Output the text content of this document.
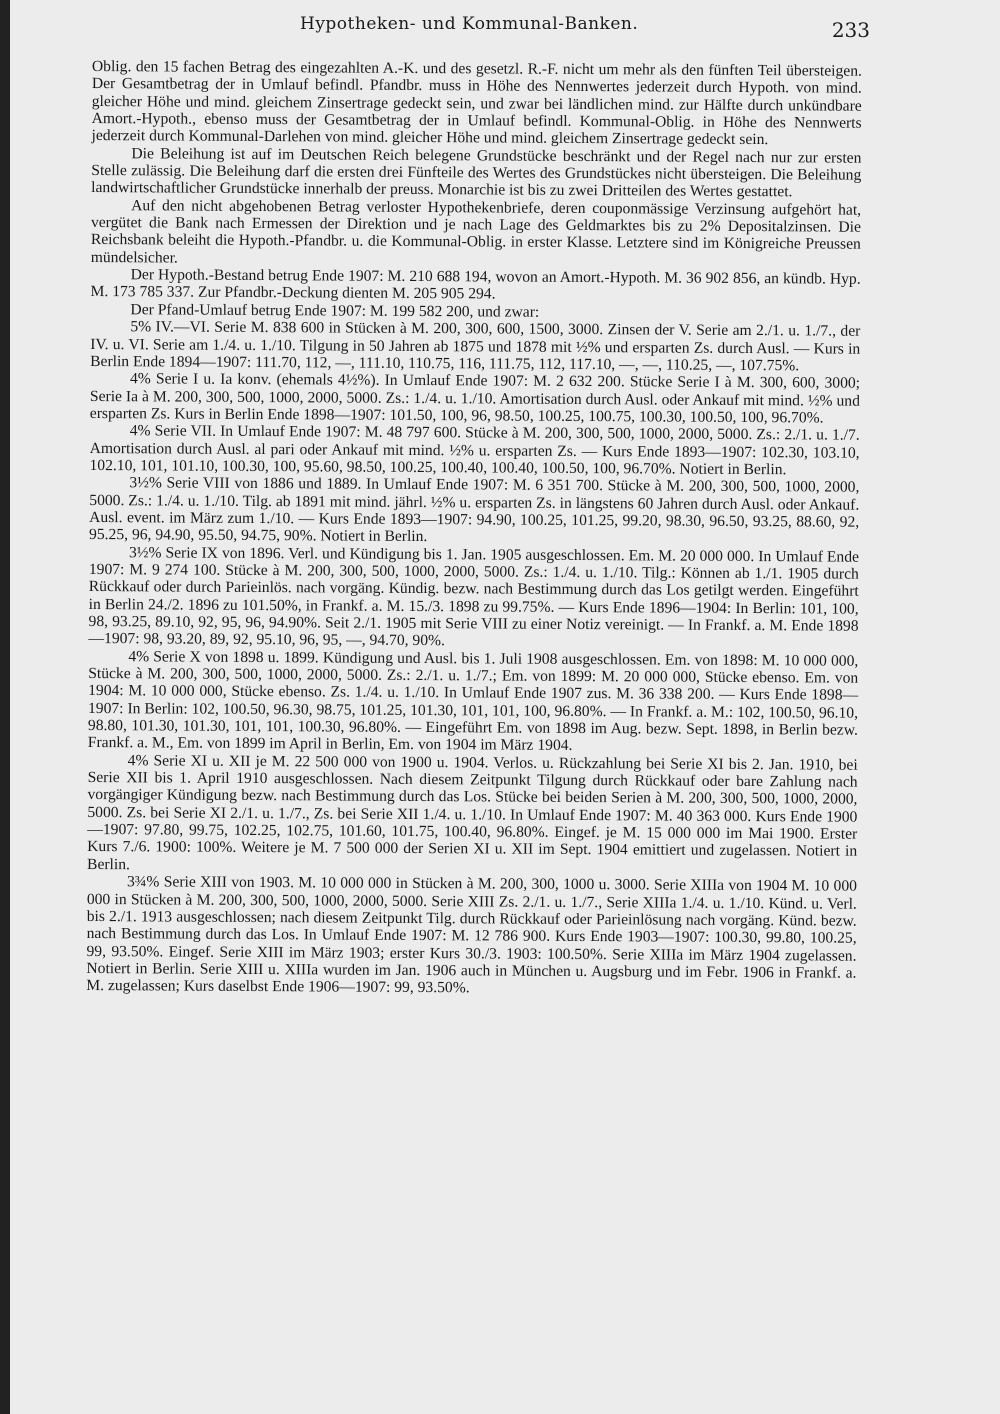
Hypotheken- und Kommunal-Banken.	233

Oblig. den 15 fachen Betrag des eingezahlten A.-K. und des gesetzl. R.-F. nicht um mehr als den fünften Teil übersteigen. Der Gesamtbetrag der in Umlauf befindl. Pfandbr. muss in Höhe des Nennwertes jederzeit durch Hypoth. von mind. gleicher Höhe und mind. gleichem Zinsertrage gedeckt sein, und zwar bei ländlichen mind. zur Hälfte durch unkündbare Amort.-Hypoth., ebenso muss der Gesamtbetrag der in Umlauf befindl. Kommunal-Oblig. in Höhe des Nennwerts jederzeit durch Kommunal-Darlehen von mind. gleicher Höhe und mind. gleichem Zinsertrage gedeckt sein.

Die Beleihung ist auf im Deutschen Reich belegene Grundstücke beschränkt und der Regel nach nur zur ersten Stelle zulässig. Die Beleihung darf die ersten drei Fünfteile des Wertes des Grundstückes nicht übersteigen. Die Beleihung landwirtschaftlicher Grundstücke innerhalb der preuss. Monarchie ist bis zu zwei Dritteilen des Wertes gestattet.

Auf den nicht abgehobenen Betrag verloster Hypothekenbriefe, deren couponmässige Verzinsung aufgehört hat, vergütet die Bank nach Ermessen der Direktion und je nach Lage des Geldmarktes bis zu 2% Depositalzinsen. Die Reichsbank beleiht die Hypoth.-Pfandbr. u. die Kommunal-Oblig. in erster Klasse. Letztere sind im Königreiche Preussen mündelsicher.

Der Hypoth.-Bestand betrug Ende 1907: M. 210 688 194, wovon an Amort.-Hypoth. M. 36 902 856, an kündb. Hyp. M. 173 785 337. Zur Pfandbr.-Deckung dienten M. 205 905 294.

Der Pfand-Umlauf betrug Ende 1907: M. 199 582 200, und zwar:

5% IV.—VI. Serie M. 838 600 in Stücken à M. 200, 300, 600, 1500, 3000. Zinsen der V. Serie am 2./1. u. 1./7., der IV. u. VI. Serie am 1./4. u. 1./10. Tilgung in 50 Jahren ab 1875 und 1878 mit ½% und ersparten Zs. durch Ausl. — Kurs in Berlin Ende 1894—1907: 111.70, 112, —, 111.10, 110.75, 116, 111.75, 112, 117.10, —, —, 110.25, —, 107.75%.

4% Serie I u. Ia konv. (ehemals 4½%). In Umlauf Ende 1907: M. 2 632 200. Stücke Serie I à M. 300, 600, 3000; Serie Ia à M. 200, 300, 500, 1000, 2000, 5000. Zs.: 1./4. u. 1./10. Amortisation durch Ausl. oder Ankauf mit mind. ½% und ersparten Zs. Kurs in Berlin Ende 1898—1907: 101.50, 100, 96, 98.50, 100.25, 100.75, 100.30, 100.50, 100, 96.70%.

4% Serie VII. In Umlauf Ende 1907: M. 48 797 600. Stücke à M. 200, 300, 500, 1000, 2000, 5000. Zs.: 2./1. u. 1./7. Amortisation durch Ausl. al pari oder Ankauf mit mind. ½% u. ersparten Zs. — Kurs Ende 1893—1907: 102.30, 103.10, 102.10, 101, 101.10, 100.30, 100, 95.60, 98.50, 100.25, 100.40, 100.40, 100.50, 100, 96.70%. Notiert in Berlin.

3½% Serie VIII von 1886 und 1889. In Umlauf Ende 1907: M. 6 351 700. Stücke à M. 200, 300, 500, 1000, 2000, 5000. Zs.: 1./4. u. 1./10. Tilg. ab 1891 mit mind. jährl. ½% u. ersparten Zs. in längstens 60 Jahren durch Ausl. oder Ankauf. Ausl. event. im März zum 1./10. — Kurs Ende 1893—1907: 94.90, 100.25, 101.25, 99.20, 98.30, 96.50, 93.25, 88.60, 92, 95.25, 96, 94.90, 95.50, 94.75, 90%. Notiert in Berlin.

3½% Serie IX von 1896. Verl. und Kündigung bis 1. Jan. 1905 ausgeschlossen. Em. M. 20 000 000. In Umlauf Ende 1907: M. 9 274 100. Stücke à M. 200, 300, 500, 1000, 2000, 5000. Zs.: 1./4. u. 1./10. Tilg.: Können ab 1./1. 1905 durch Rückkauf oder durch Parieinlös. nach vorgäng. Kündig. bezw. nach Bestimmung durch das Los getilgt werden. Eingeführt in Berlin 24./2. 1896 zu 101.50%, in Frankf. a. M. 15./3. 1898 zu 99.75%. — Kurs Ende 1896—1904: In Berlin: 101, 100, 98, 93.25, 89.10, 92, 95, 96, 94.90%. Seit 2./1. 1905 mit Serie VIII zu einer Notiz vereinigt. — In Frankf. a. M. Ende 1898—1907: 98, 93.20, 89, 92, 95.10, 96, 95, —, 94.70, 90%.

4% Serie X von 1898 u. 1899. Kündigung und Ausl. bis 1. Juli 1908 ausgeschlossen. Em. von 1898: M. 10 000 000, Stücke à M. 200, 300, 500, 1000, 2000, 5000. Zs.: 2./1. u. 1./7.; Em. von 1899: M. 20 000 000, Stücke ebenso. Em. von 1904: M. 10 000 000, Stücke ebenso. Zs. 1./4. u. 1./10. In Umlauf Ende 1907 zus. M. 36 338 200. — Kurs Ende 1898—1907: In Berlin: 102, 100.50, 96.30, 98.75, 101.25, 101.30, 101, 101, 100, 96.80%. — In Frankf. a. M.: 102, 100.50, 96.10, 98.80, 101.30, 101.30, 101, 101, 100.30, 96.80%. — Eingeführt Em. von 1898 im Aug. bezw. Sept. 1898, in Berlin bezw. Frankf. a. M., Em. von 1899 im April in Berlin, Em. von 1904 im März 1904.

4% Serie XI u. XII je M. 22 500 000 von 1900 u. 1904. Verlos. u. Rückzahlung bei Serie XI bis 2. Jan. 1910, bei Serie XII bis 1. April 1910 ausgeschlossen. Nach diesem Zeitpunkt Tilgung durch Rückkauf oder bare Zahlung nach vorgängiger Kündigung bezw. nach Bestimmung durch das Los. Stücke bei beiden Serien à M. 200, 300, 500, 1000, 2000, 5000. Zs. bei Serie XI 2./1. u. 1./7., Zs. bei Serie XII 1./4. u. 1./10. In Umlauf Ende 1907: M. 40 363 000. Kurs Ende 1900—1907: 97.80, 99.75, 102.25, 102.75, 101.60, 101.75, 100.40, 96.80%. Eingef. je M. 15 000 000 im Mai 1900. Erster Kurs 7./6. 1900: 100%. Weitere je M. 7 500 000 der Serien XI u. XII im Sept. 1904 emittiert und zugelassen. Notiert in Berlin.

3¾% Serie XIII von 1903. M. 10 000 000 in Stücken à M. 200, 300, 1000 u. 3000. Serie XIIIa von 1904 M. 10 000 000 in Stücken à M. 200, 300, 500, 1000, 2000, 5000. Serie XIII Zs. 2./1. u. 1./7., Serie XIIIa 1./4. u. 1./10. Künd. u. Verl. bis 2./1. 1913 ausgeschlossen; nach diesem Zeitpunkt Tilg. durch Rückkauf oder Parieinlösung nach vorgäng. Künd. bezw. nach Bestimmung durch das Los. In Umlauf Ende 1907: M. 12 786 900. Kurs Ende 1903—1907: 100.30, 99.80, 100.25, 99, 93.50%. Eingef. Serie XIII im März 1903; erster Kurs 30./3. 1903: 100.50%. Serie XIIIa im März 1904 zugelassen. Notiert in Berlin. Serie XIII u. XIIIa wurden im Jan. 1906 auch in München u. Augsburg und im Febr. 1906 in Frankf. a. M. zugelassen; Kurs daselbst Ende 1906—1907: 99, 93.50%.
